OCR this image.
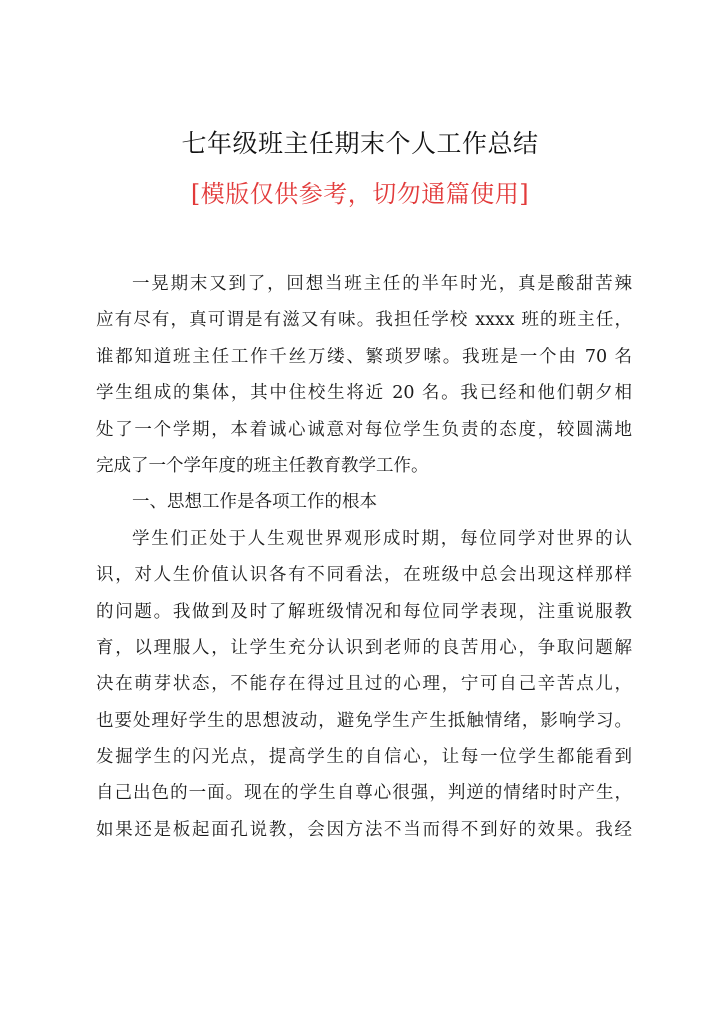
七年级班主任期末个人工作总结
[模版仅供参考，切勿通篇使用]
一晃期末又到了，回想当班主任的半年时光，真是酸甜苦辣
应有尽有，真可谓是有滋又有味。我担任学校 xxxx 班的班主任，
谁都知道班主任工作千丝万缕、繁琐罗嗦。我班是一个由 70 名
学生组成的集体，其中住校生将近 20 名。我已经和他们朝夕相
处了一个学期，本着诚心诚意对每位学生负责的态度，较圆满地
完成了一个学年度的班主任教育教学工作。
一、思想工作是各项工作的根本
学生们正处于人生观世界观形成时期，每位同学对世界的认
识，对人生价值认识各有不同看法，在班级中总会出现这样那样
的问题。我做到及时了解班级情况和每位同学表现，注重说服教
育，以理服人，让学生充分认识到老师的良苦用心，争取问题解
决在萌芽状态，不能存在得过且过的心理，宁可自己辛苦点儿，
也要处理好学生的思想波动，避免学生产生抵触情绪，影响学习。
发掘学生的闪光点，提高学生的自信心，让每一位学生都能看到
自己出色的一面。现在的学生自尊心很强，判逆的情绪时时产生，
如果还是板起面孔说教，会因方法不当而得不到好的效果。我经
